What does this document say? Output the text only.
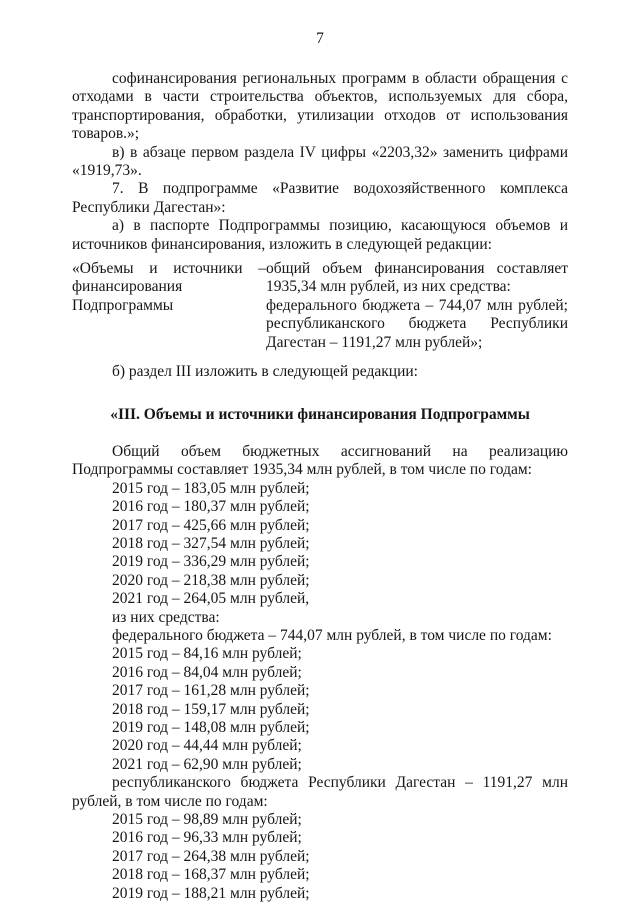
7

софинансирования региональных программ в области обращения с

отходами в части строительства объектов, используемых для сбора,

транспортирования, обработки, утилизации отходов от использования

товаров.»;

в) в абзаце первом раздела IV цифры «2203,32» заменить цифрами

«1919,73».

7. В подпрограмме «Развитие водохозяйственного комплекса

Республики Дагестан»:

а) в паспорте Подпрограммы позицию, касающуюся объемов и

источников финансирования, изложить в следующей редакции:

«Объемы и источники –
финансирования
Подпрограммы
общий объем финансирования составляет
1935,34 млн рублей, из них средства:
федерального бюджета – 744,07 млн рублей;
республиканского бюджета Республики
Дагестан – 1191,27 млн рублей»;

б) раздел III изложить в следующей редакции:

«III. Объемы и источники финансирования Подпрограммы

Общий объем бюджетных ассигнований на реализацию

Подпрограммы составляет 1935,34 млн рублей, в том числе по годам:

2015 год – 183,05 млн рублей;

2016 год – 180,37 млн рублей;

2017 год – 425,66 млн рублей;

2018 год – 327,54 млн рублей;

2019 год – 336,29 млн рублей;

2020 год – 218,38 млн рублей;

2021 год – 264,05 млн рублей,

из них средства:

федерального бюджета – 744,07 млн рублей, в том числе по годам:

2015 год – 84,16 млн рублей;

2016 год – 84,04 млн рублей;

2017 год – 161,28 млн рублей;

2018 год – 159,17 млн рублей;

2019 год – 148,08 млн рублей;

2020 год – 44,44 млн рублей;

2021 год – 62,90 млн рублей;

республиканского бюджета Республики Дагестан – 1191,27 млн

рублей, в том числе по годам:

2015 год – 98,89 млн рублей;

2016 год – 96,33 млн рублей;

2017 год – 264,38 млн рублей;

2018 год – 168,37 млн рублей;

2019 год – 188,21 млн рублей;
